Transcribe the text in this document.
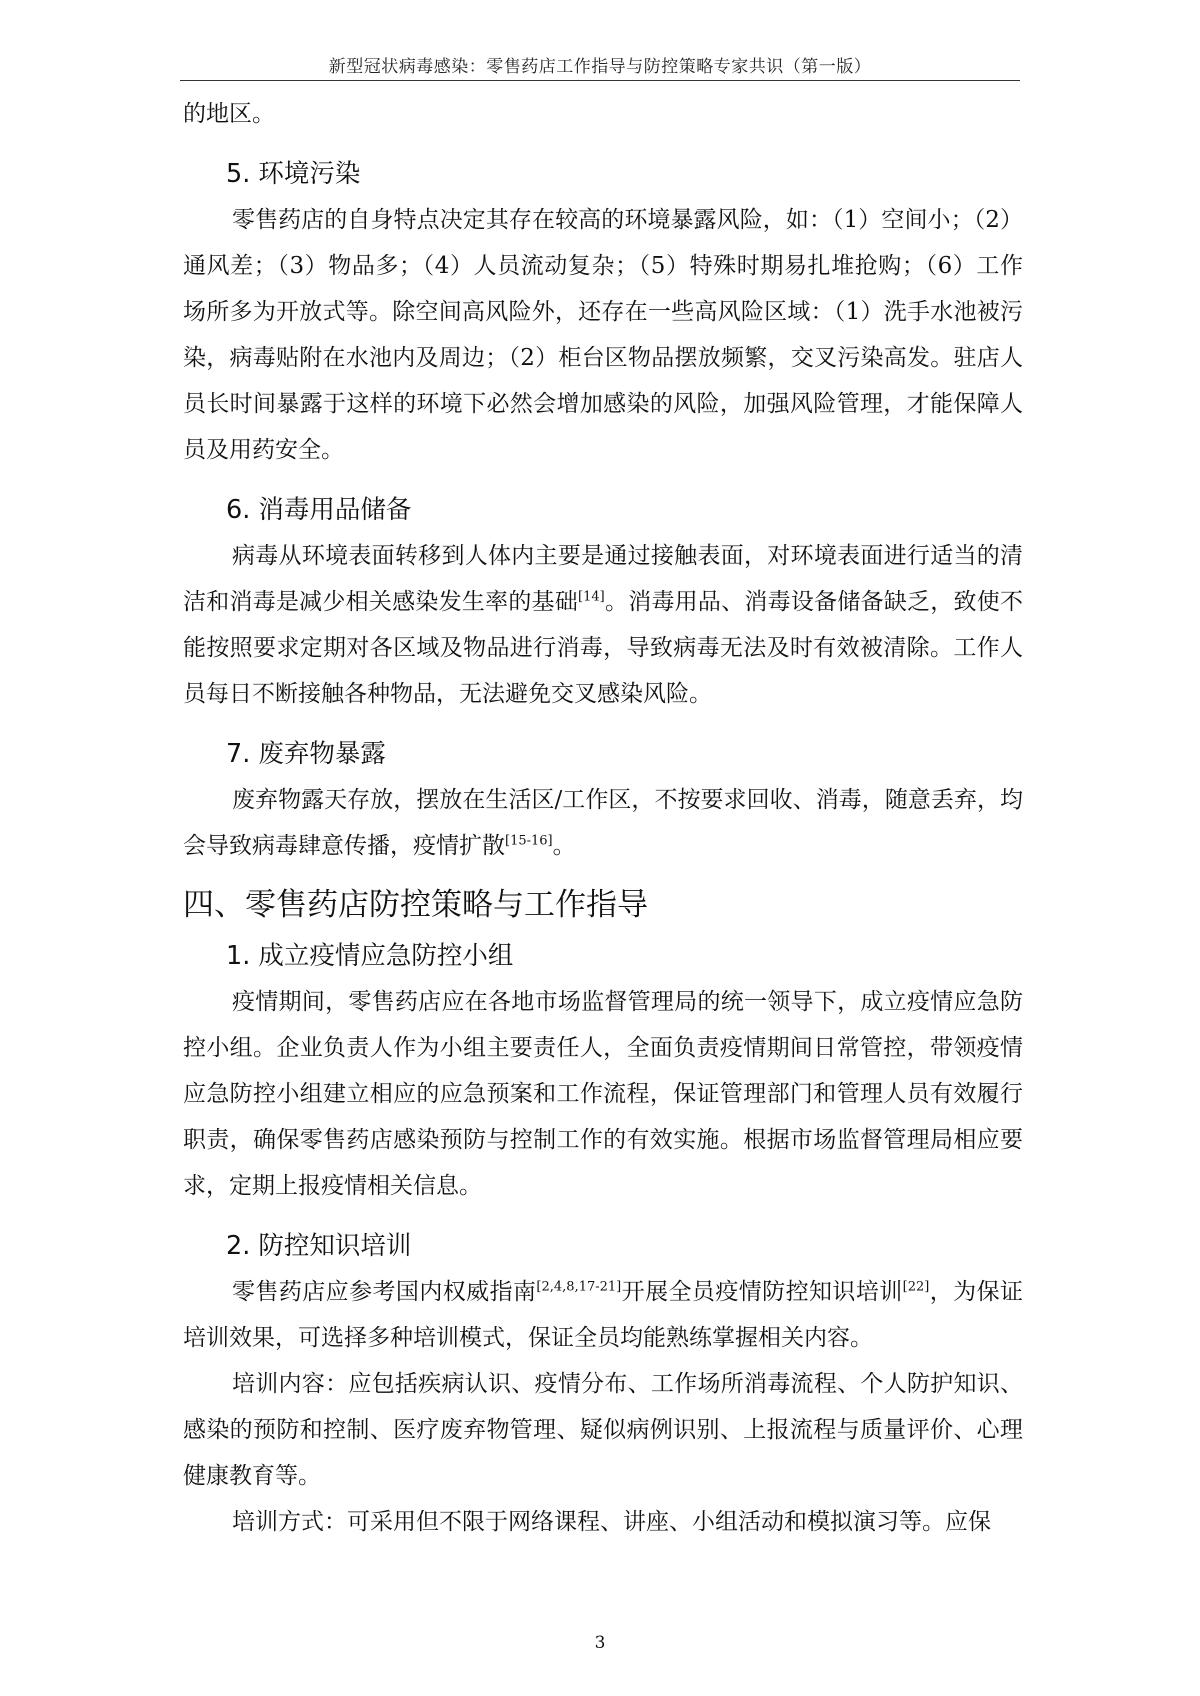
新型冠状病毒感染：零售药店工作指导与防控策略专家共识（第一版）

的地区。

5. 环境污染

零售药店的自身特点决定其存在较高的环境暴露风险，如：（1）空间小；（2）通风差；（3）物品多；（4）人员流动复杂；（5）特殊时期易扎堆抢购；（6）工作场所多为开放式等。除空间高风险外，还存在一些高风险区域：（1）洗手水池被污染，病毒贴附在水池内及周边；（2）柜台区物品摆放频繁，交叉污染高发。驻店人员长时间暴露于这样的环境下必然会增加感染的风险，加强风险管理，才能保障人员及用药安全。

6. 消毒用品储备

病毒从环境表面转移到人体内主要是通过接触表面，对环境表面进行适当的清洁和消毒是减少相关感染发生率的基础[14]。消毒用品、消毒设备储备缺乏，致使不能按照要求定期对各区域及物品进行消毒，导致病毒无法及时有效被清除。工作人员每日不断接触各种物品，无法避免交叉感染风险。

7. 废弃物暴露

废弃物露天存放，摆放在生活区/工作区，不按要求回收、消毒，随意丢弃，均会导致病毒肆意传播，疫情扩散[15-16]。

四、零售药店防控策略与工作指导
1. 成立疫情应急防控小组

疫情期间，零售药店应在各地市场监督管理局的统一领导下，成立疫情应急防控小组。企业负责人作为小组主要责任人，全面负责疫情期间日常管控，带领疫情应急防控小组建立相应的应急预案和工作流程，保证管理部门和管理人员有效履行职责，确保零售药店感染预防与控制工作的有效实施。根据市场监督管理局相应要求，定期上报疫情相关信息。

2. 防控知识培训

零售药店应参考国内权威指南[2,4,8,17-21]开展全员疫情防控知识培训[22]，为保证培训效果，可选择多种培训模式，保证全员均能熟练掌握相关内容。

培训内容：应包括疾病认识、疫情分布、工作场所消毒流程、个人防护知识、感染的预防和控制、医疗废弃物管理、疑似病例识别、上报流程与质量评价、心理健康教育等。

培训方式：可采用但不限于网络课程、讲座、小组活动和模拟演习等。应保

3
